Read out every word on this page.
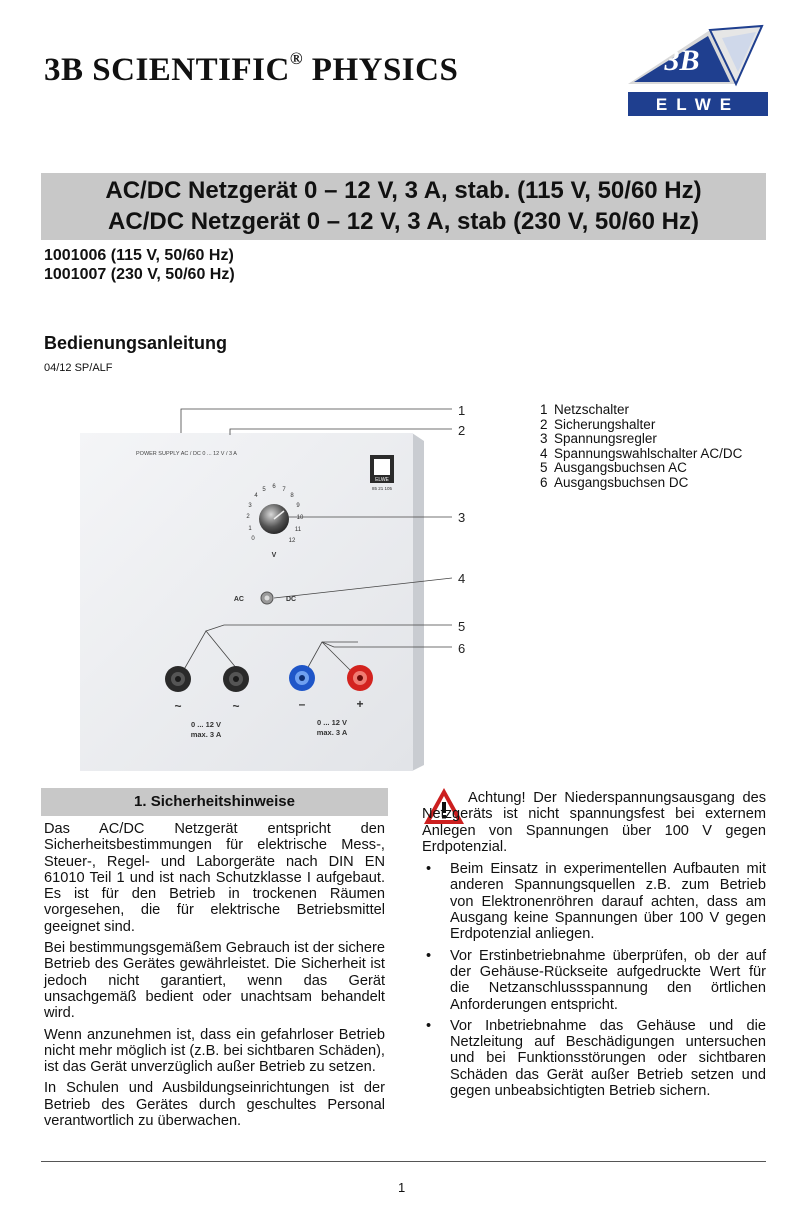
3B SCIENTIFIC® PHYSICS	3B
ELWE
AC/DC Netzgerät 0 – 12 V, 3 A, stab. (115 V, 50/60 Hz)
AC/DC Netzgerät 0 – 12 V, 3 A, stab (230 V, 50/60 Hz)
1001006 (115 V, 50/60 Hz)
1001007 (230 V, 50/60 Hz)
Bedienungsanleitung
04/12 SP/ALF
POWER SUPPLY AC / DC 0 ... 12 V / 3 A
ELWE
85 21 105
0
1
2
3
4
5 6 7
8
9
10
11
12
V
AC	DC
~	~	–	+
0 ... 12 V
max. 3 A
0 ... 12 V
max. 3 A
1
2
3
4
5
6
1 Netzschalter
2 Sicherungshalter
3 Spannungsregler
4 Spannungswahlschalter AC/DC
5 Ausgangsbuchsen AC
6 Ausgangsbuchsen DC
1. Sicherheitshinweise

Das AC/DC Netzgerät entspricht den Sicherheitsbestimmungen für elektrische Mess-, Steuer-, Regel- und Laborgeräte nach DIN EN 61010 Teil 1 und ist nach Schutzklasse I aufgebaut. Es ist für den Betrieb in trockenen Räumen vorgesehen, die für elektrische Betriebsmittel geeignet sind.

Bei bestimmungsgemäßem Gebrauch ist der sichere Betrieb des Gerätes gewährleistet. Die Sicherheit ist jedoch nicht garantiert, wenn das Gerät unsachgemäß bedient oder unachtsam behandelt wird.

Wenn anzunehmen ist, dass ein gefahrloser Betrieb nicht mehr möglich ist (z.B. bei sichtbaren Schäden), ist das Gerät unverzüglich außer Betrieb zu setzen.

In Schulen und Ausbildungseinrichtungen ist der Betrieb des Gerätes durch geschultes Personal verantwortlich zu überwachen.

Achtung! Der Niederspannungsausgang des Netzgeräts ist nicht spannungsfest bei externem Anlegen von Spannungen über 100 V gegen Erdpotenzial.

• Beim Einsatz in experimentellen Aufbauten mit anderen Spannungsquellen z.B. zum Betrieb von Elektronenröhren darauf achten, dass am Ausgang keine Spannungen über 100 V gegen Erdpotenzial anliegen.
• Vor Erstinbetriebnahme überprüfen, ob der auf der Gehäuse-Rückseite aufgedruckte Wert für die Netzanschlussspannung den örtlichen Anforderungen entspricht.
• Vor Inbetriebnahme das Gehäuse und die Netzleitung auf Beschädigungen untersuchen und bei Funktionsstörungen oder sichtbaren Schäden das Gerät außer Betrieb setzen und gegen unbeabsichtigten Betrieb sichern.
1
